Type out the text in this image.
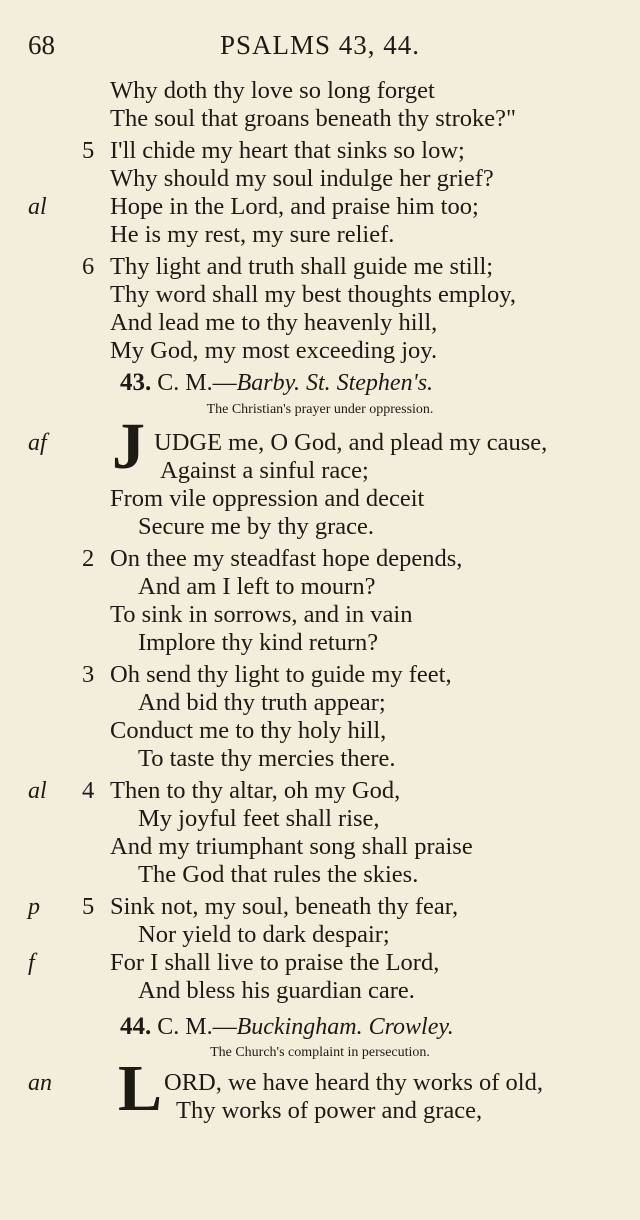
68	PSALMS 43, 44.
Why doth thy love so long forget
The soul that groans beneath thy stroke?"
5 I'll chide my heart that sinks so low;
Why should my soul indulge her grief?
al	Hope in the Lord, and praise him too;
He is my rest, my sure relief.
6 Thy light and truth shall guide me still;
Thy word shall my best thoughts employ,
And lead me to thy heavenly hill,
My God, my most exceeding joy.
43. C. M.—Barby. St. Stephen's.
The Christian's prayer under oppression.
af J UDGE me, O God, and plead my cause,
Against a sinful race;
From vile oppression and deceit
Secure me by thy grace.
2 On thee my steadfast hope depends,
And am I left to mourn?
To sink in sorrows, and in vain
Implore thy kind return?
3 Oh send thy light to guide my feet,
And bid thy truth appear;
Conduct me to thy holy hill,
To taste thy mercies there.
al 4 Then to thy altar, oh my God,
My joyful feet shall rise,
And my triumphant song shall praise
The God that rules the skies.
p 5 Sink not, my soul, beneath thy fear,
Nor yield to dark despair;
f	For I shall live to praise the Lord,
And bless his guardian care.
44. C. M.—Buckingham. Crowley.
The Church's complaint in persecution.
an L ORD, we have heard thy works of old,
Thy works of power and grace,
